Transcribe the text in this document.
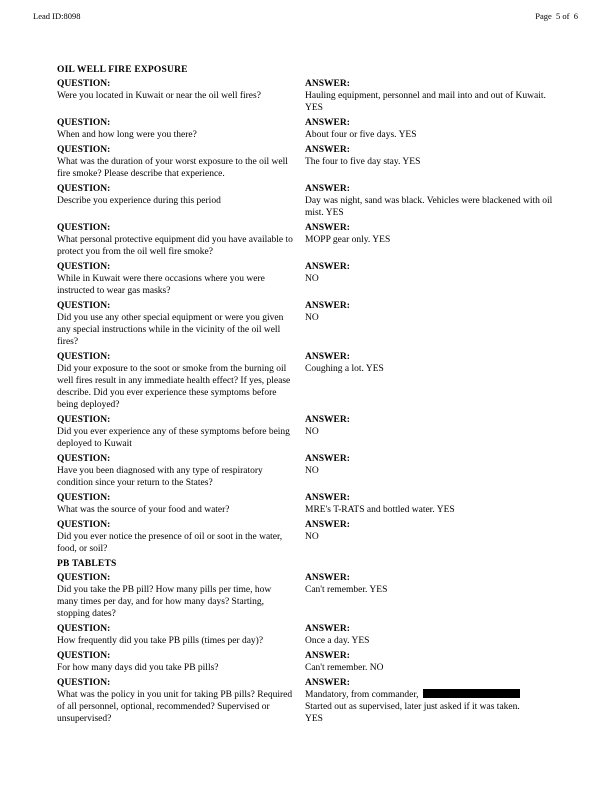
Lead ID:8098	Page  5 of  6
OIL WELL FIRE EXPOSURE
QUESTION:
Were you located in Kuwait or near the oil well fires?
ANSWER:
Hauling equipment, personnel and mail into and out of Kuwait. YES
QUESTION:
When and how long were you there?
ANSWER:
About four or five days. YES
QUESTION:
What was the duration of your worst exposure to the oil well fire smoke? Please describe that experience.
ANSWER:
The four to five day stay. YES
QUESTION:
Describe you experience during this period
ANSWER:
Day was night, sand was black. Vehicles were blackened with oil mist. YES
QUESTION:
What personal protective equipment did you have available to protect you from the oil well fire smoke?
ANSWER:
MOPP gear only. YES
QUESTION:
While in Kuwait were there occasions where you were instructed to wear gas masks?
ANSWER:
NO
QUESTION:
Did you use any other special equipment or were you given any special instructions while in the vicinity of the oil well fires?
ANSWER:
NO
QUESTION:
Did your exposure to the soot or smoke from the burning oil well fires result in any immediate health effect? If yes, please describe. Did you ever experience these symptoms before being deployed?
ANSWER:
Coughing a lot. YES
QUESTION:
Did you ever experience any of these symptoms before being deployed to Kuwait
ANSWER:
NO
QUESTION:
Have you been diagnosed with any type of respiratory condition since your return to the States?
ANSWER:
NO
QUESTION:
What was the source of your food and water?
ANSWER:
MRE's T-RATS and bottled water. YES
QUESTION:
Did you ever notice the presence of oil or soot in the water, food, or soil?
ANSWER:
NO
PB TABLETS
QUESTION:
Did you take the PB pill? How many pills per time, how many times per day, and for how many days? Starting, stopping dates?
ANSWER:
Can't remember. YES
QUESTION:
How frequently did you take PB pills (times per day)?
ANSWER:
Once a day. YES
QUESTION:
For how many days did you take PB pills?
ANSWER:
Can't remember. NO
QUESTION:
What was the policy in you unit for taking PB pills? Required of all personnel, optional, recommended? Supervised or unsupervised?
ANSWER:
Mandatory, from commander,
Started out as supervised, later just asked if it was taken.
YES
